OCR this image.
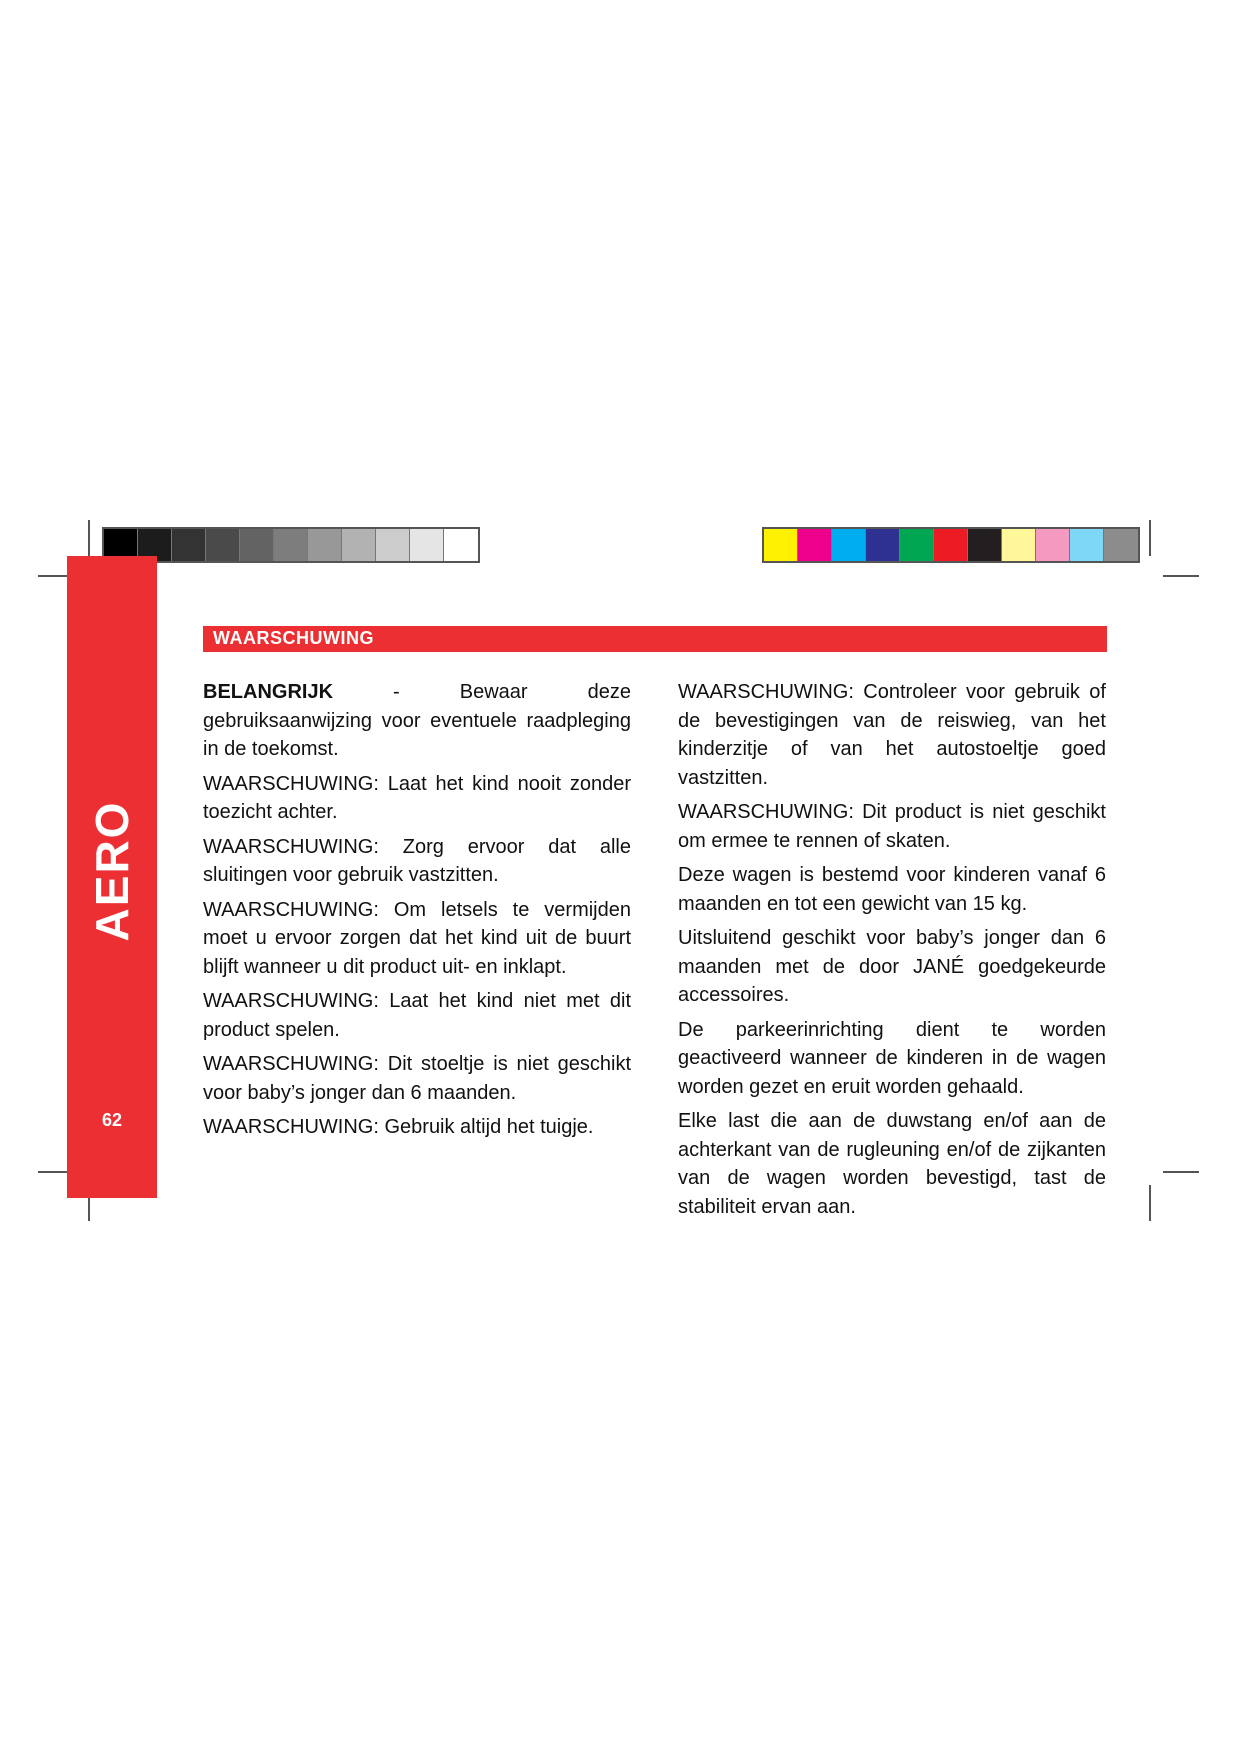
AERO
62
WAARSCHUWING

BELANGRIJK - Bewaar deze gebruiksaanwijzing voor eventuele raadpleging in de toekomst.

WAARSCHUWING: Laat het kind nooit zonder toezicht achter.

WAARSCHUWING: Zorg ervoor dat alle sluitingen voor gebruik vastzitten.

WAARSCHUWING: Om letsels te vermijden moet u ervoor zorgen dat het kind uit de buurt blijft wanneer u dit product uit- en inklapt.

WAARSCHUWING: Laat het kind niet met dit product spelen.

WAARSCHUWING: Dit stoeltje is niet geschikt voor baby’s jonger dan 6 maanden.

WAARSCHUWING: Gebruik altijd het tuigje.

WAARSCHUWING: Controleer voor gebruik of de bevestigingen van de reiswieg, van het kinderzitje of van het autostoeltje goed vastzitten.

WAARSCHUWING: Dit product is niet geschikt om ermee te rennen of skaten.

Deze wagen is bestemd voor kinderen vanaf 6 maanden en tot een gewicht van 15 kg.

Uitsluitend geschikt voor baby’s jonger dan 6 maanden met de door JANÉ goedgekeurde accessoires.

De parkeerinrichting dient te worden geactiveerd wanneer de kinderen in de wagen worden gezet en eruit worden gehaald.

Elke last die aan de duwstang en/of aan de achterkant van de rugleuning en/of de zijkanten van de wagen worden bevestigd, tast de stabiliteit ervan aan.
